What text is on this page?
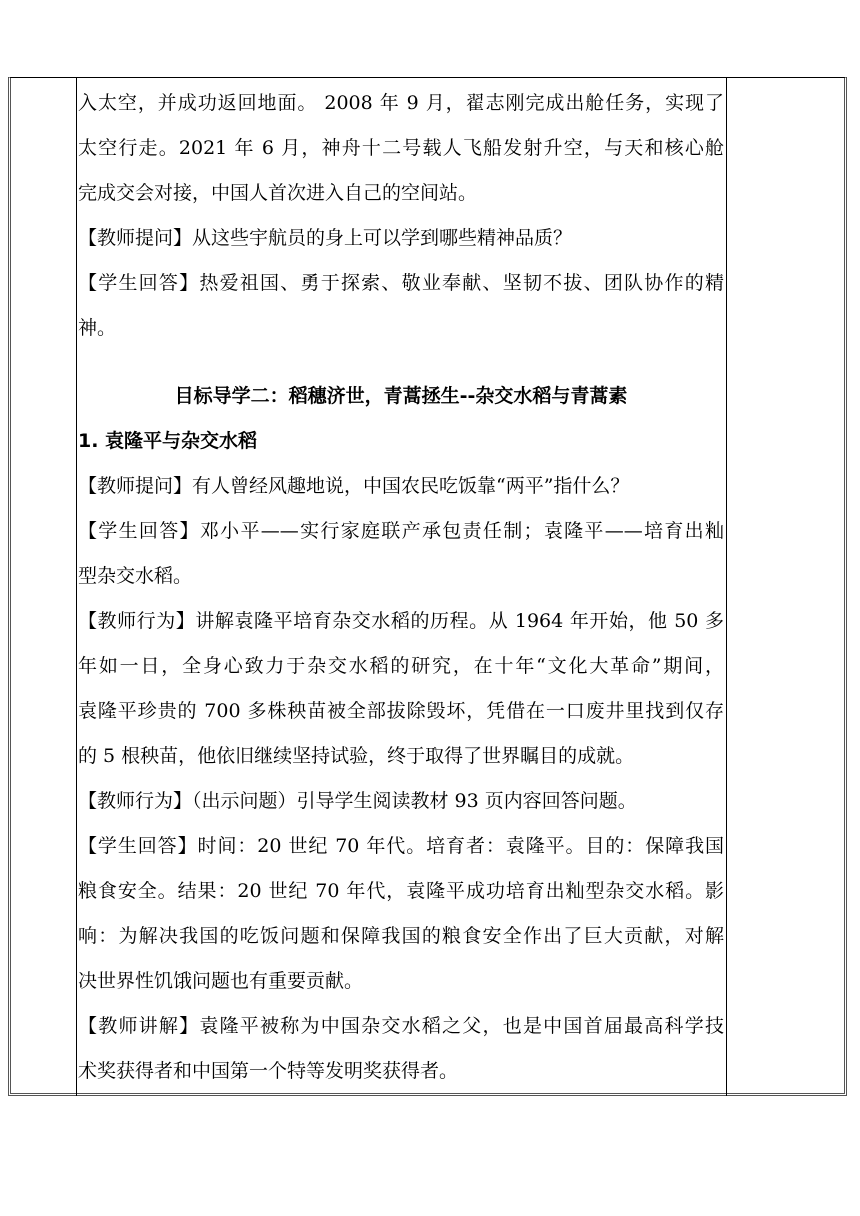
入太空，并成功返回地面。 2008 年 9 月，翟志刚完成出舱任务，实现了
太空行走。2021 年 6 月，神舟十二号载人飞船发射升空，与天和核心舱
完成交会对接，中国人首次进入自己的空间站。

【教师提问】从这些宇航员的身上可以学到哪些精神品质？

【学生回答】热爱祖国、勇于探索、敬业奉献、坚韧不拔、团队协作的精
神。

目标导学二：稻穗济世，青蒿拯生--杂交水稻与青蒿素

1. 袁隆平与杂交水稻

【教师提问】有人曾经风趣地说，中国农民吃饭靠“两平”指什么？

【学生回答】邓小平——实行家庭联产承包责任制；袁隆平——培育出籼
型杂交水稻。

【教师行为】讲解袁隆平培育杂交水稻的历程。从 1964 年开始，他 50 多
年如一日，全身心致力于杂交水稻的研究，在十年“文化大革命”期间，
袁隆平珍贵的 700 多株秧苗被全部拔除毁坏，凭借在一口废井里找到仅存
的 5 根秧苗，他依旧继续坚持试验，终于取得了世界瞩目的成就。

【教师行为】（出示问题）引导学生阅读教材 93 页内容回答问题。

【学生回答】时间：20 世纪 70 年代。培育者：袁隆平。目的：保障我国
粮食安全。结果：20 世纪 70 年代，袁隆平成功培育出籼型杂交水稻。影
响：为解决我国的吃饭问题和保障我国的粮食安全作出了巨大贡献，对解
决世界性饥饿问题也有重要贡献。

【教师讲解】袁隆平被称为中国杂交水稻之父，也是中国首届最高科学技
术奖获得者和中国第一个特等发明奖获得者。
